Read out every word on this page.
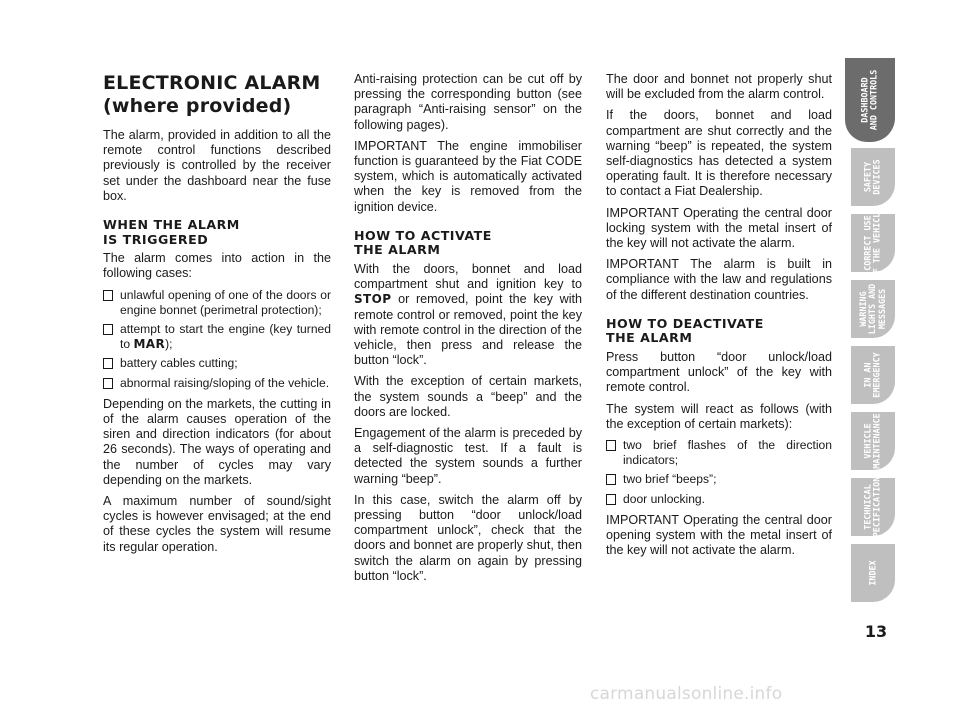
ELECTRONIC ALARM
(where provided)

The alarm, provided in addition to all the remote control functions described previously is controlled by the receiver set under the dashboard near the fuse box.

WHEN THE ALARM
IS TRIGGERED

The alarm comes into action in the following cases:

unlawful opening of one of the doors or engine bonnet (perimetral protection);
attempt to start the engine (key turned to MAR);
battery cables cutting;
abnormal raising/sloping of the vehicle.

Depending on the markets, the cutting in of the alarm causes operation of the siren and direction indicators (for about 26 seconds). The ways of operating and the number of cycles may vary depending on the markets.

A maximum number of sound/sight cycles is however envisaged; at the end of these cycles the system will resume its regular operation.

Anti-raising protection can be cut off by pressing the corresponding button (see paragraph “Anti-raising sensor” on the following pages).

IMPORTANT The engine immobiliser function is guaranteed by the Fiat CODE system, which is automatically activated when the key is removed from the ignition device.

HOW TO ACTIVATE
THE ALARM

With the doors, bonnet and load compartment shut and ignition key to STOP or removed, point the key with remote control or removed, point the key with remote control in the direction of the vehicle, then press and release the button “lock”.

With the exception of certain markets, the system sounds a “beep” and the doors are locked.

Engagement of the alarm is preceded by a self-diagnostic test. If a fault is detected the system sounds a further warning “beep”.

In this case, switch the alarm off by pressing button “door unlock/load compartment unlock”, check that the doors and bonnet are properly shut, then switch the alarm on again by pressing button “lock”.

The door and bonnet not properly shut will be excluded from the alarm control.

If the doors, bonnet and load compartment are shut correctly and the warning “beep” is repeated, the system self-diagnostics has detected a system operating fault. It is therefore necessary to contact a Fiat Dealership.

IMPORTANT Operating the central door locking system with the metal insert of the key will not activate the alarm.

IMPORTANT The alarm is built in compliance with the law and regulations of the different destination countries.

HOW TO DEACTIVATE
THE ALARM

Press button “door unlock/load compartment unlock” of the key with remote control.

The system will react as follows (with the exception of certain markets):

two brief flashes of the direction indicators;
two brief “beeps”;
door unlocking.

IMPORTANT Operating the central door opening system with the metal insert of the key will not activate the alarm.

DASHBOARD
AND CONTROLS
SAFETY
DEVICES
CORRECT USE
OF THE VEHICLE
WARNING
LIGHTS AND
MESSAGES
IN AN
EMERGENCY
VEHICLE
MAINTENANCE
TECHNICAL
SPECIFICATIONS
INDEX
13
carmanualsonline.info
